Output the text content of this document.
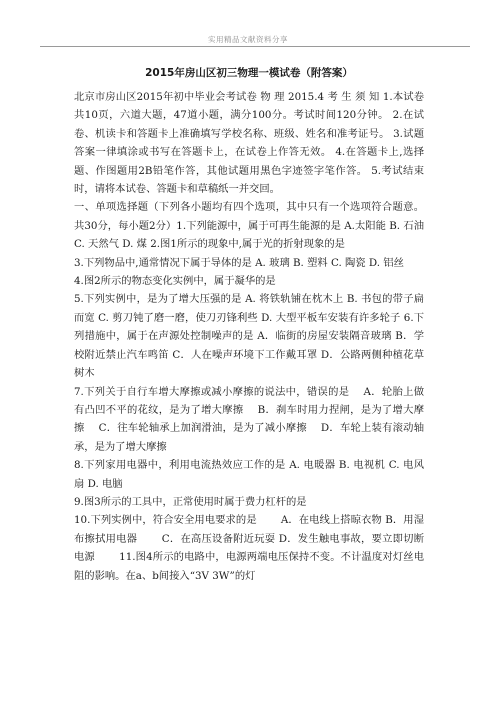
实用精品文献资料分享
2015年房山区初三物理一模试卷（附答案）

北京市房山区2015年初中毕业会考试卷 物 理 2015.4 考 生 须 知 1.本试卷共10页，六道大题，47道小题，满分100分。考试时间120分钟。 2.在试卷、机读卡和答题卡上准确填写学校名称、班级、姓名和准考证号。 3.试题答案一律填涂或书写在答题卡上，在试卷上作答无效。 4.在答题卡上,选择题、作图题用2B铅笔作答，其他试题用黑色字迹签字笔作答。 5.考试结束时，请将本试卷、答题卡和草稿纸一并交回。

一、单项选择题（下列各小题均有四个选项，其中只有一个选项符合题意。共30分，每小题2分）1.下列能源中，属于可再生能源的是 A.太阳能 B. 石油 C. 天然气 D. 煤 2.图1所示的现象中,属于光的折射现象的是

3.下列物品中,通常情况下属于导体的是 A. 玻璃 B. 塑料 C. 陶瓷 D. 铝丝

4.图2所示的物态变化实例中，属于凝华的是

5.下列实例中，是为了增大压强的是 A. 将铁轨铺在枕木上 B. 书包的带子扁而宽 C. 剪刀钝了磨一磨，使刀刃锋利些 D. 大型平板车安装有许多轮子 6.下列措施中，属于在声源处控制噪声的是 A．临街的房屋安装隔音玻璃 B．学校附近禁止汽车鸣笛 C．人在噪声环境下工作戴耳罩 D．公路两侧种植花草树木

7.下列关于自行车增大摩擦或减小摩擦的说法中，错误的是　 A．轮胎上做有凸凹不平的花纹，是为了增大摩擦　 B．刹车时用力捏闸，是为了增大摩擦　 C．往车轮轴承上加润滑油，是为了减小摩擦　 D．车轮上装有滚动轴承，是为了增大摩擦

8.下列家用电器中，利用电流热效应工作的是 A. 电暖器 B. 电视机 C. 电风扇 D. 电脑

9.图3所示的工具中，正常使用时属于费力杠杆的是

10.下列实例中，符合安全用电要求的是　　 A．在电线上搭晾衣物 B．用湿布擦拭用电器　　 C．在高压设备附近玩耍 D．发生触电事故，要立即切断电源　　 11.图4所示的电路中，电源两端电压保持不变。不计温度对灯丝电阻的影响。在a、b间接入“3V 3W”的灯
